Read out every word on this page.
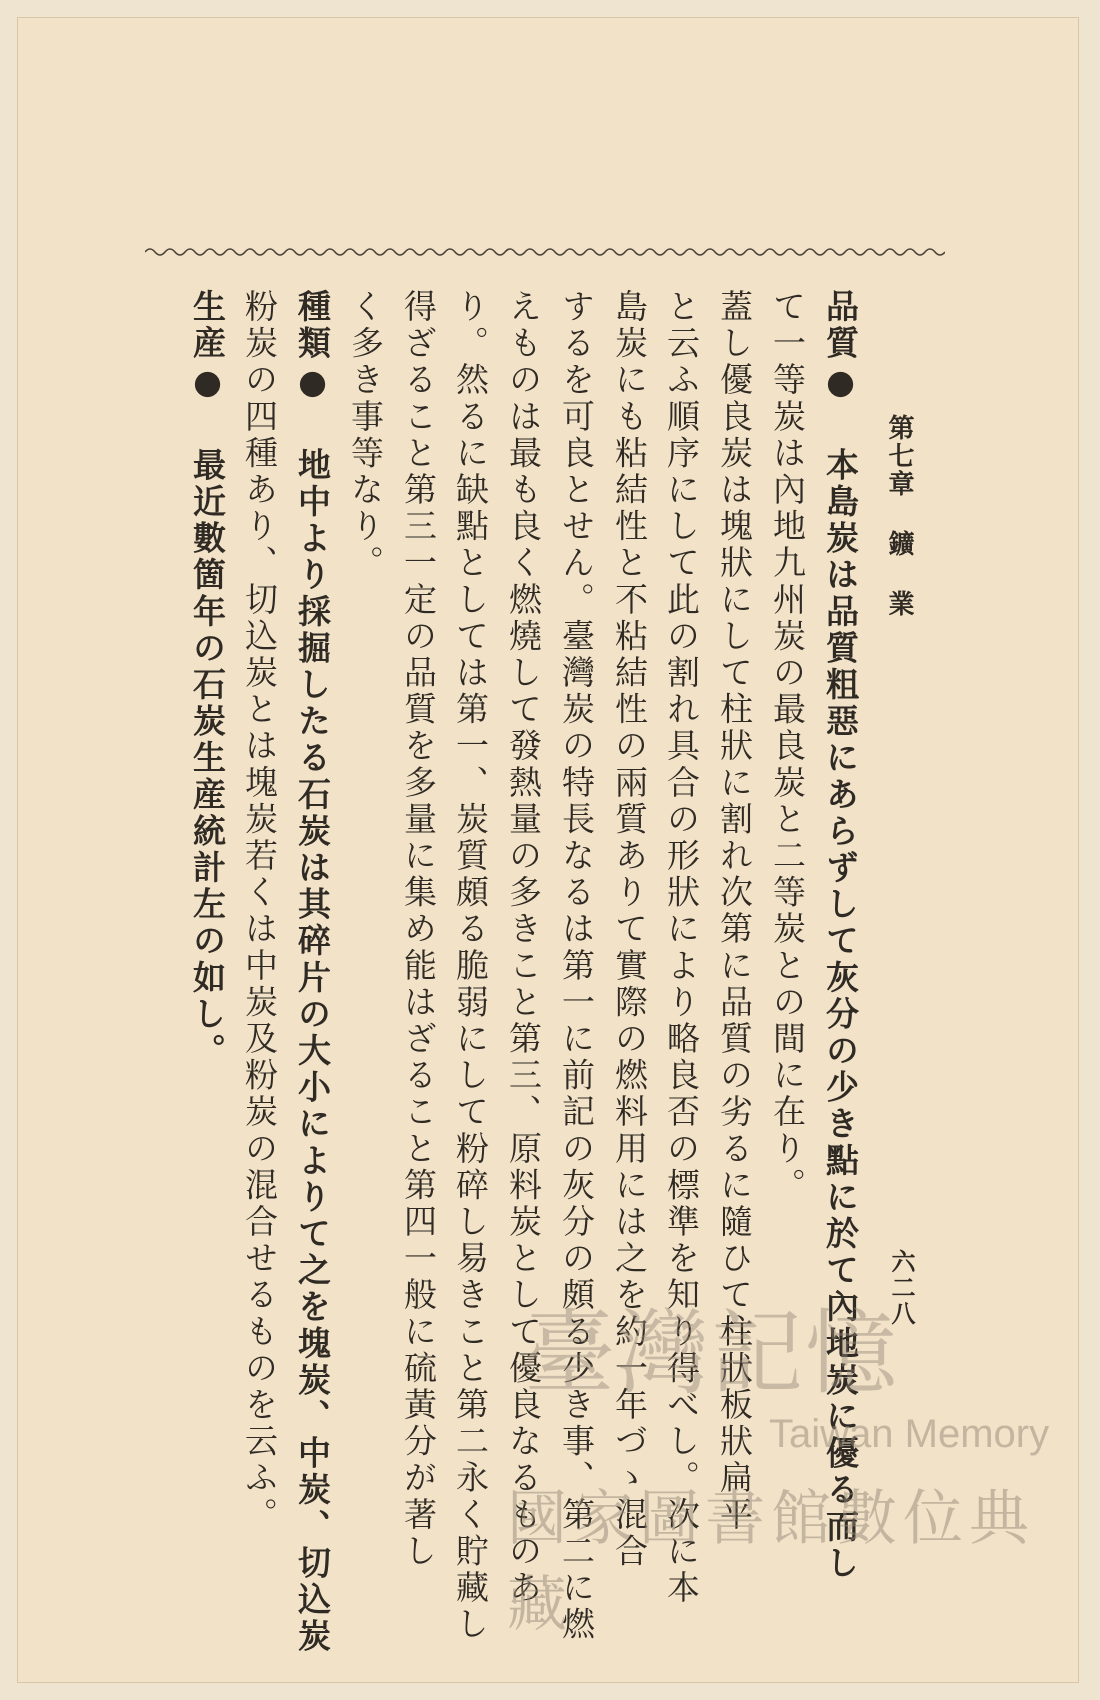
第七章 鑛 業
六二八
品質● 本島炭は品質粗惡にあらずして灰分の少き點に於て內地炭に優る而し
て一等炭は內地九州炭の最良炭と二等炭との間に在り。
蓋し優良炭は塊狀にして柱狀に割れ次第に品質の劣るに隨ひて柱狀板狀扁平
と云ふ順序にして此の割れ具合の形狀により略良否の標準を知り得べし。次に本
島炭にも粘結性と不粘結性の兩質ありて實際の燃料用には之を約一年づゝ混合
するを可良とせん。臺灣炭の特長なるは第一に前記の灰分の頗る少き事、第二に燃
えものは最も良く燃燒して發熱量の多きこと第三、原料炭として優良なるものあ
り。然るに缺點としては第一、炭質頗る脆弱にして粉碎し易きこと第二永く貯藏し
得ざること第三一定の品質を多量に集め能はざること第四一般に硫黃分が著し
く多き事等なり。
種類● 地中より採掘したる石炭は其碎片の大小によりて之を塊炭、中炭、切込炭
粉炭の四種あり、切込炭とは塊炭若くは中炭及粉炭の混合せるものを云ふ。
生産● 最近數箇年の石炭生産統計左の如し。
臺灣記憶
Taiwan Memory
國家圖書館數位典藏
